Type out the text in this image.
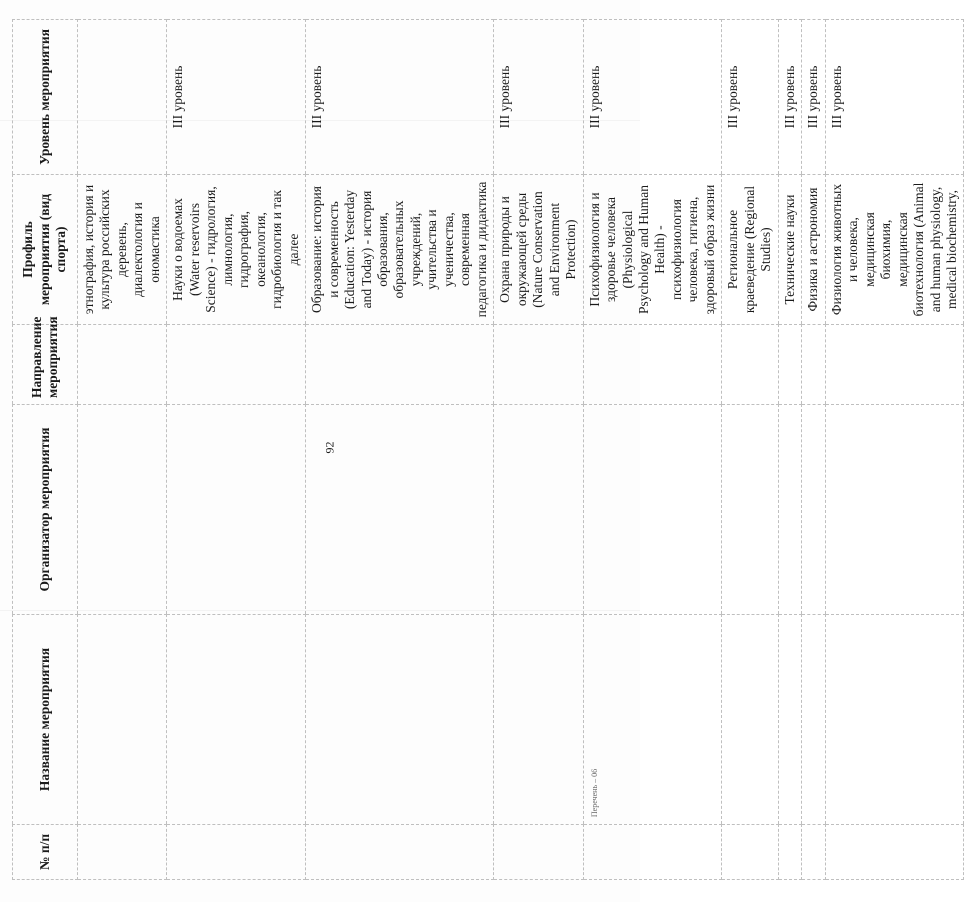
92
Перечень – 06
№ п/п	Название мероприятия	Организатор мероприятия	Направление мероприятия	Профиль мероприятия (вид спорта)	Уровень мероприятия
				этнография, история и культура российских деревень, диалектология и ономастика	
				Науки о водоемах (Water reservoirs Science) - гидрология, лимнология, гидрография, океанология, гидробиология и так далее	III уровень
				Образование: история и современность (Education: Yesterday and Today) - история образования, образовательных учреждений, учительства и ученичества, современная педагогика и дидактика	III уровень
				Охрана природы и окружающей среды (Nature Conservation and Environment Protection)	III уровень
				Психофизиология и здоровье человека (Physiological Psychology and Human Health) - психофизиология человека, гигиена, здоровый образ жизни	III уровень
				Региональное краеведение (Regional Studies)	III уровень
				Технические науки	III уровень
				Физика и астрономия	III уровень
				Физиология животных и человека, медицинская биохимия, медицинская биотехнология (Animal and human physiology, medical biochemistry,	III уровень
